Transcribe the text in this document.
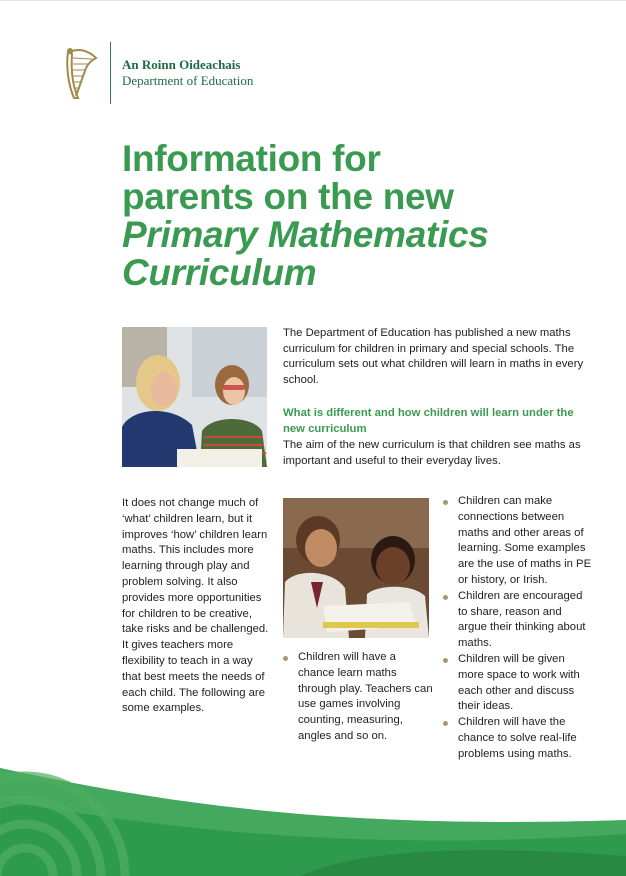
An Roinn Oideachais
Department of Education
Information for
parents on the new
Primary Mathematics
Curriculum

The Department of Education has published a new maths curriculum for children in primary and special schools. The curriculum sets out what children will learn in maths in every school.

What is different and how children will learn under the new curriculum

The aim of the new curriculum is that children see maths as important and useful to their everyday lives.

It does not change much of ‘what’ children learn, but it improves ‘how’ children learn maths. This includes more learning through play and problem solving. It also provides more opportunities for children to be creative, take risks and be challenged. It gives teachers more flexibility to teach in a way that best meets the needs of each child. The following are some examples.

Children will have a chance learn maths through play. Teachers can use games involving counting, measuring, angles and so on.
Children can make connections between maths and other areas of learning. Some examples are the use of maths in PE or history, or Irish.
Children are encouraged to share, reason and argue their thinking about maths.
Children will be given more space to work with each other and discuss their ideas.
Children will have the chance to solve real-life problems using maths.
